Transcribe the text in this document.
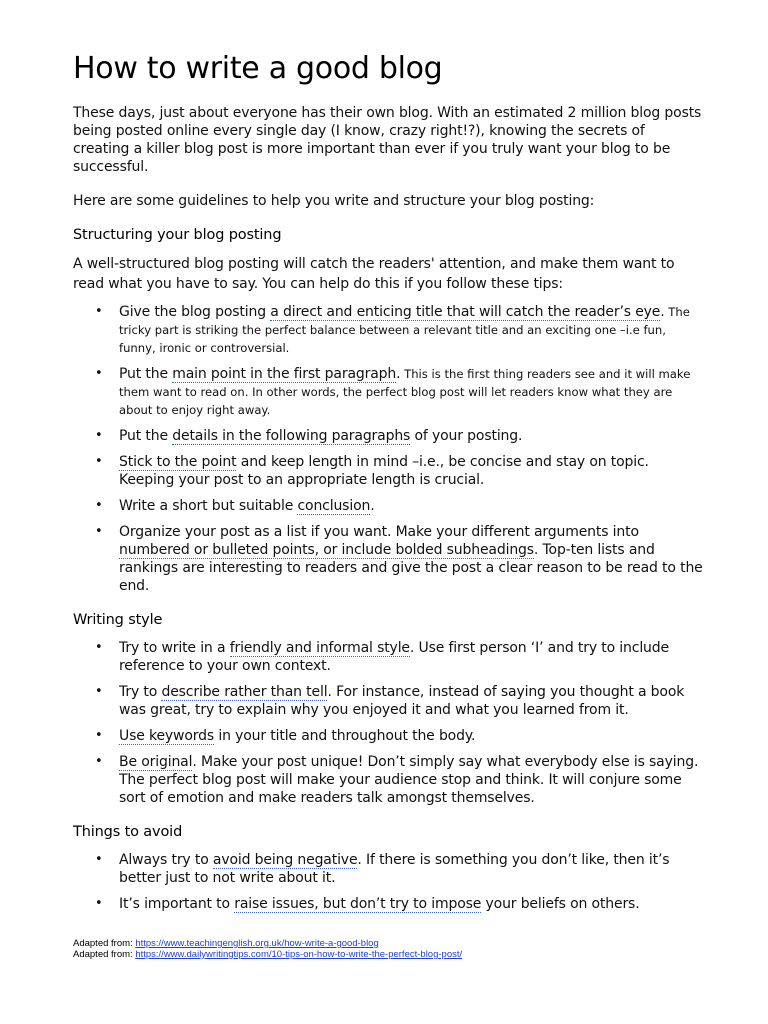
How to write a good blog

These days, just about everyone has their own blog. With an estimated 2 million blog posts being posted online every single day (I know, crazy right!?), knowing the secrets of creating a killer blog post is more important than ever if you truly want your blog to be successful.

Here are some guidelines to help you write and structure your blog posting:

Structuring your blog posting

A well-structured blog posting will catch the readers' attention, and make them want to read what you have to say. You can help do this if you follow these tips:

• Give the blog posting a direct and enticing title that will catch the reader’s eye. The tricky part is striking the perfect balance between a relevant title and an exciting one –i.e fun, funny, ironic or controversial.
• Put the main point in the first paragraph. This is the first thing readers see and it will make them want to read on. In other words, the perfect blog post will let readers know what they are about to enjoy right away.
• Put the details in the following paragraphs of your posting.
• Stick to the point and keep length in mind –i.e., be concise and stay on topic. Keeping your post to an appropriate length is crucial.
• Write a short but suitable conclusion.
• Organize your post as a list if you want. Make your different arguments into numbered or bulleted points, or include bolded subheadings. Top-ten lists and rankings are interesting to readers and give the post a clear reason to be read to the end.
Writing style
• Try to write in a friendly and informal style. Use first person ‘I’ and try to include reference to your own context.
• Try to describe rather than tell. For instance, instead of saying you thought a book was great, try to explain why you enjoyed it and what you learned from it.
• Use keywords in your title and throughout the body.
• Be original. Make your post unique! Don’t simply say what everybody else is saying. The perfect blog post will make your audience stop and think. It will conjure some sort of emotion and make readers talk amongst themselves.
Things to avoid
• Always try to avoid being negative. If there is something you don’t like, then it’s better just to not write about it.
• It’s important to raise issues, but don’t try to impose your beliefs on others.
Adapted from: https://www.teachingenglish.org.uk/how-write-a-good-blog
Adapted from: https://www.dailywritingtips.com/10-tips-on-how-to-write-the-perfect-blog-post/
